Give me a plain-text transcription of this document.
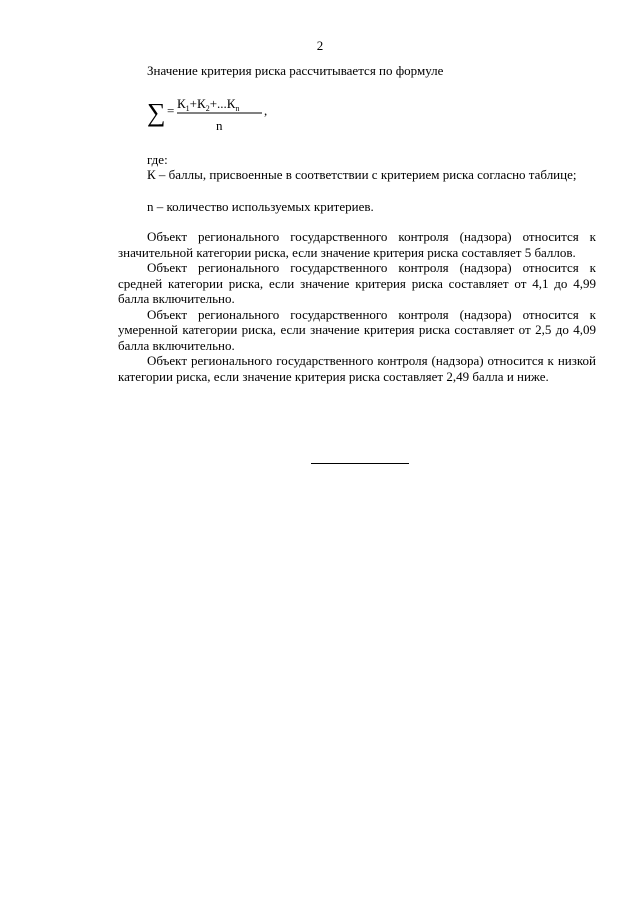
2
Значение критерия риска рассчитывается по формуле
∑ = $К_1+К_2+...К_n$
n
,
где:
К – баллы, присвоенные в соответствии с критерием риска согласно таблице;
n – количество используемых критериев.

Объект регионального государственного контроля (надзора) относится к значительной категории риска, если значение критерия риска составляет 5 баллов.

Объект регионального государственного контроля (надзора) относится к средней категории риска, если значение критерия риска составляет от 4,1 до 4,99 балла включительно.

Объект регионального государственного контроля (надзора) относится к умеренной категории риска, если значение критерия риска составляет от 2,5 до 4,09 балла включительно.

Объект регионального государственного контроля (надзора) относится к низкой категории риска, если значение критерия риска составляет 2,49 балла и ниже.
